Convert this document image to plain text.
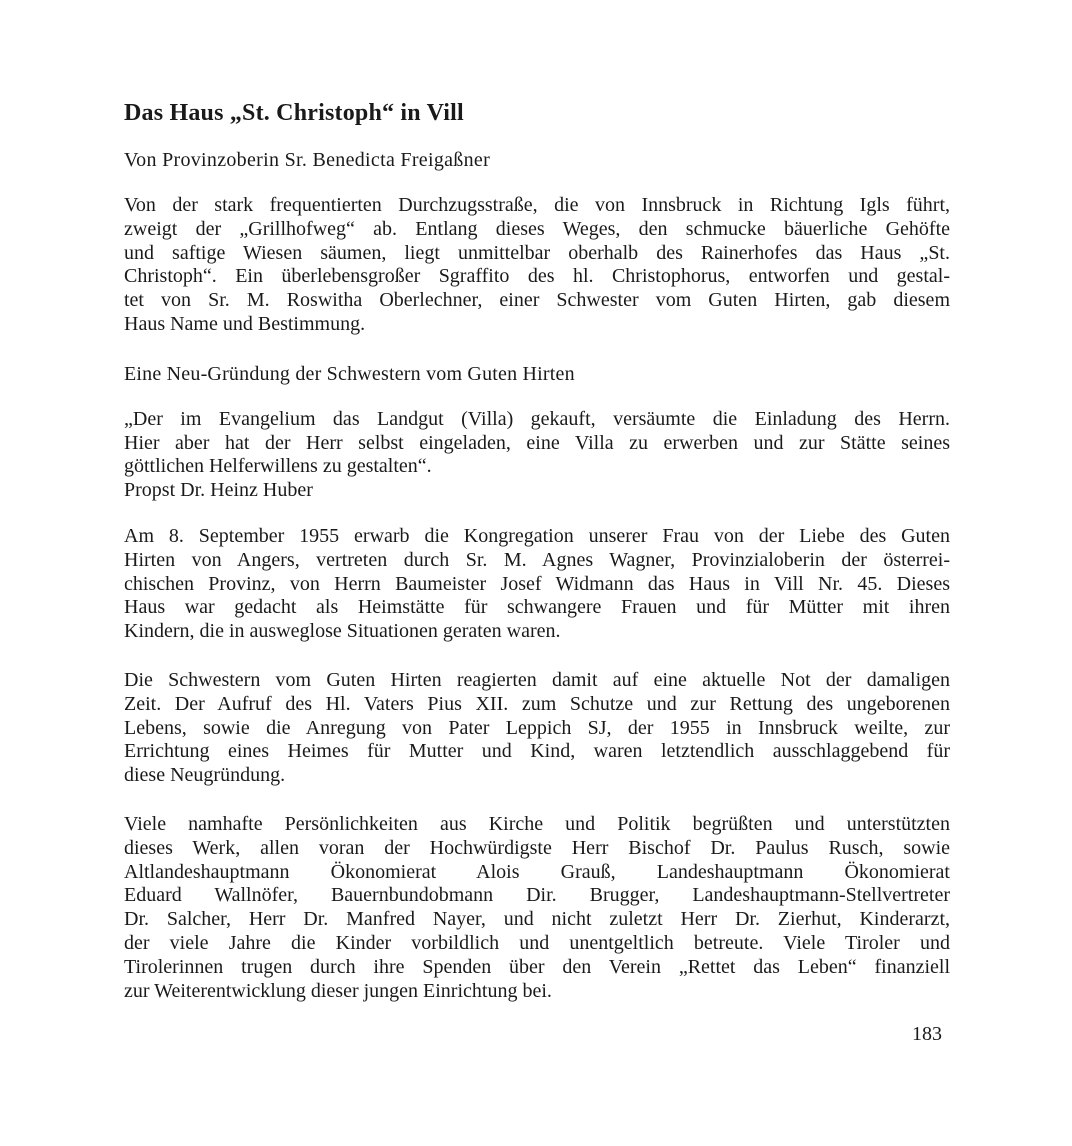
Das Haus „St. Christoph“ in Vill

Von Provinzoberin Sr. Benedicta Freigaßner

Von der stark frequentierten Durchzugsstraße, die von Innsbruck in Richtung Igls führt,
zweigt der „Grillhofweg“ ab. Entlang dieses Weges, den schmucke bäuerliche Gehöfte
und saftige Wiesen säumen, liegt unmittelbar oberhalb des Rainerhofes das Haus „St.
Christoph“. Ein überlebensgroßer Sgraffito des hl. Christophorus, entworfen und gestal-
tet von Sr. M. Roswitha Oberlechner, einer Schwester vom Guten Hirten, gab diesem
Haus Name und Bestimmung.

Eine Neu-Gründung der Schwestern vom Guten Hirten

„Der im Evangelium das Landgut (Villa) gekauft, versäumte die Einladung des Herrn.
Hier aber hat der Herr selbst eingeladen, eine Villa zu erwerben und zur Stätte seines
göttlichen Helferwillens zu gestalten“.
Propst Dr. Heinz Huber

Am 8. September 1955 erwarb die Kongregation unserer Frau von der Liebe des Guten
Hirten von Angers, vertreten durch Sr. M. Agnes Wagner, Provinzialoberin der österrei-
chischen Provinz, von Herrn Baumeister Josef Widmann das Haus in Vill Nr. 45. Dieses
Haus war gedacht als Heimstätte für schwangere Frauen und für Mütter mit ihren
Kindern, die in ausweglose Situationen geraten waren.

Die Schwestern vom Guten Hirten reagierten damit auf eine aktuelle Not der damaligen
Zeit. Der Aufruf des Hl. Vaters Pius XII. zum Schutze und zur Rettung des ungeborenen
Lebens, sowie die Anregung von Pater Leppich SJ, der 1955 in Innsbruck weilte, zur
Errichtung eines Heimes für Mutter und Kind, waren letztendlich ausschlaggebend für
diese Neugründung.

Viele namhafte Persönlichkeiten aus Kirche und Politik begrüßten und unterstützten
dieses Werk, allen voran der Hochwürdigste Herr Bischof Dr. Paulus Rusch, sowie
Altlandeshauptmann Ökonomierat Alois Grauß, Landeshauptmann Ökonomierat
Eduard Wallnöfer, Bauernbundobmann Dir. Brugger, Landeshauptmann-Stellvertreter
Dr. Salcher, Herr Dr. Manfred Nayer, und nicht zuletzt Herr Dr. Zierhut, Kinderarzt,
der viele Jahre die Kinder vorbildlich und unentgeltlich betreute. Viele Tiroler und
Tirolerinnen trugen durch ihre Spenden über den Verein „Rettet das Leben“ finanziell
zur Weiterentwicklung dieser jungen Einrichtung bei.

183
